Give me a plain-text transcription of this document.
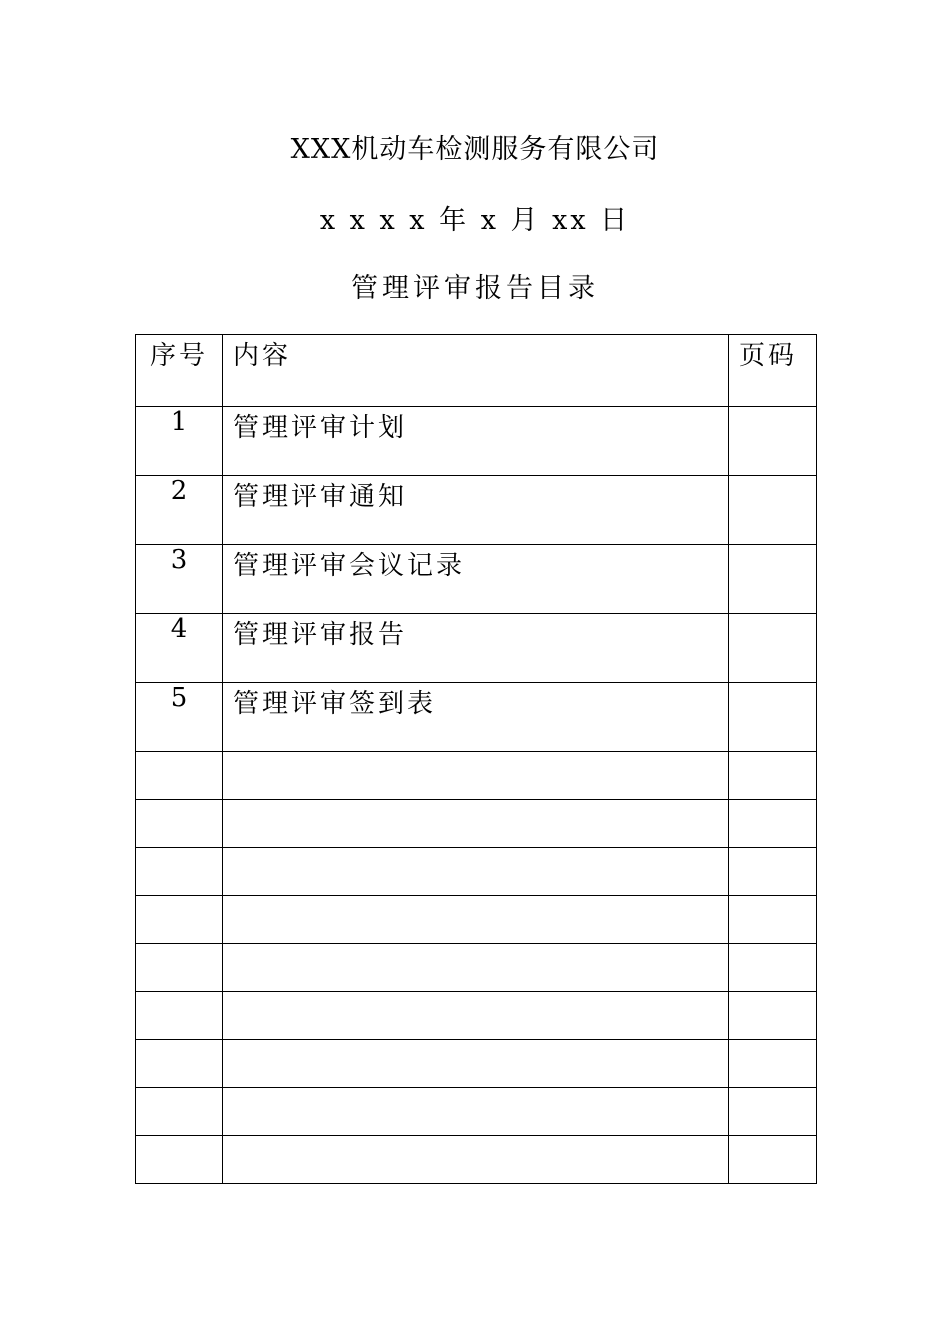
XXX机动车检测服务有限公司
x x x x 年 x 月 xx 日
管理评审报告目录
序号	内容	页码
1	管理评审计划	
2	管理评审通知	
3	管理评审会议记录	
4	管理评审报告	
5	管理评审签到表	
